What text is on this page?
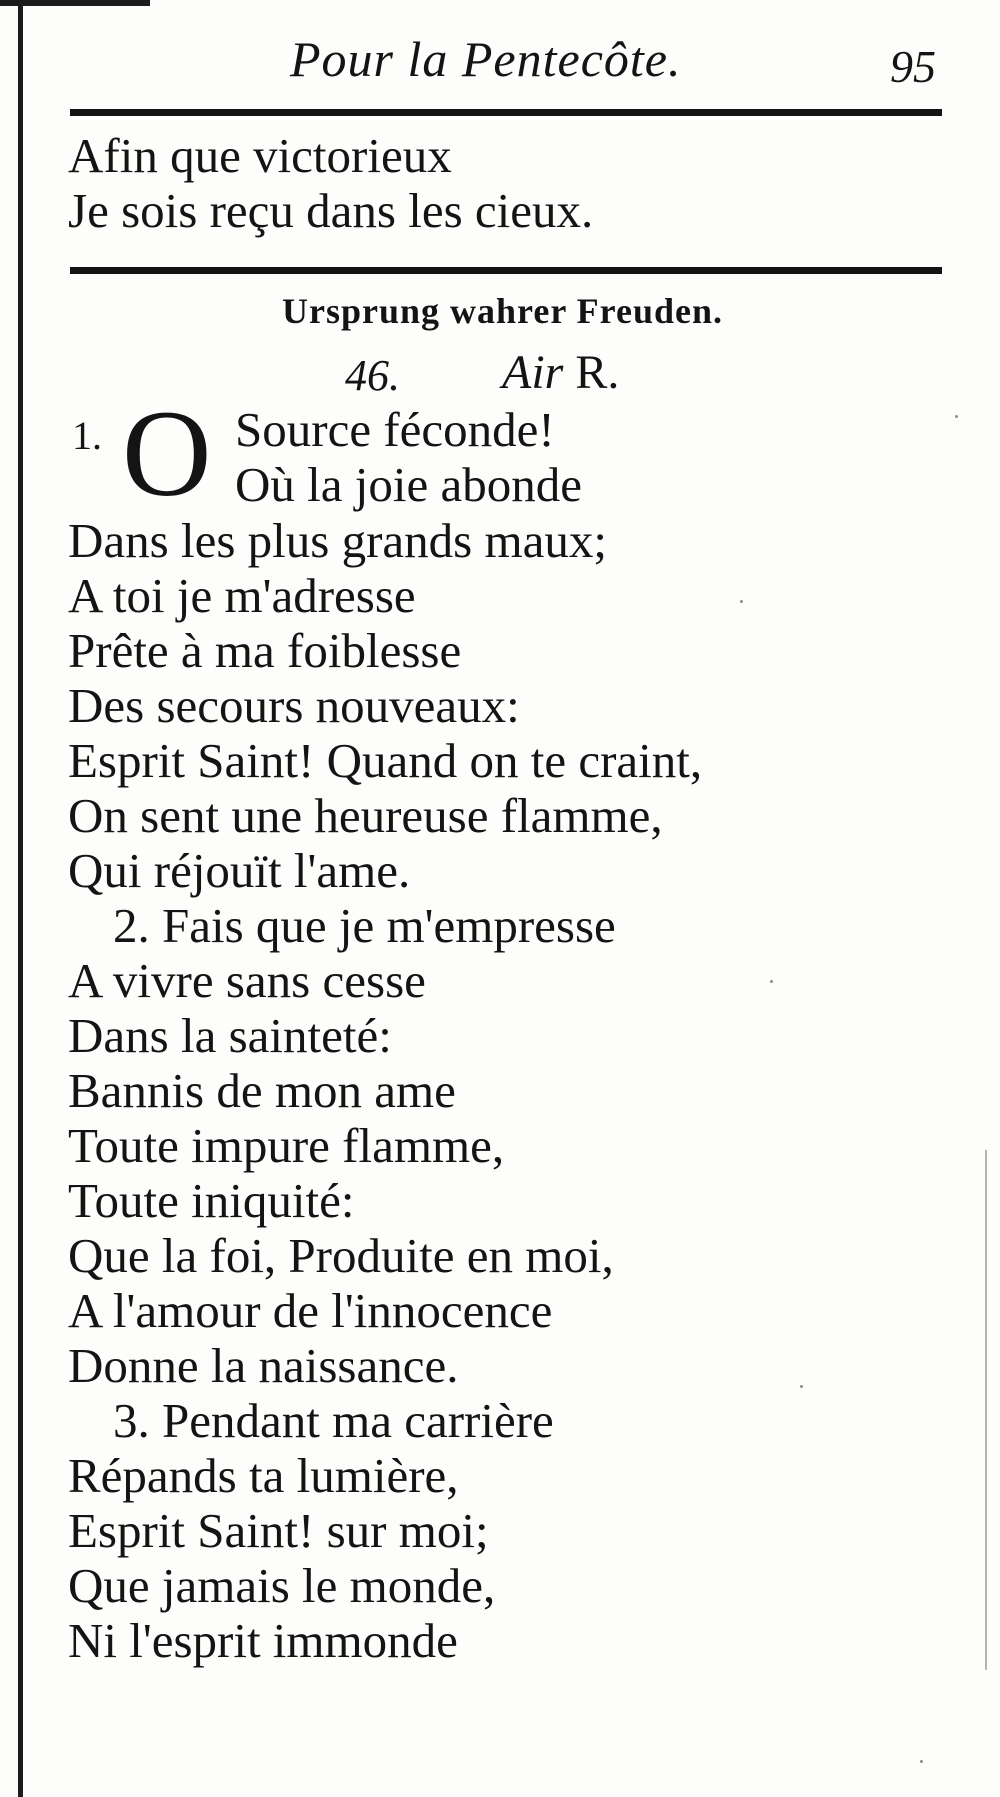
Pour la Pentecôte.	95
Afin que victorieux
Je sois reçu dans les cieux.
Ursprung wahrer Freuden.
46. Air R.
1. O Source féconde!
Où la joie abonde
Dans les plus grands maux;
A toi je m'adresse
Prête à ma foiblesse
Des secours nouveaux:
Esprit Saint! Quand on te craint,
On sent une heureuse flamme,
Qui réjouït l'ame.
2. Fais que je m'empresse
A vivre sans cesse
Dans la sainteté:
Bannis de mon ame
Toute impure flamme,
Toute iniquité:
Que la foi, Produite en moi,
A l'amour de l'innocence
Donne la naissance.
3. Pendant ma carrière
Répands ta lumière,
Esprit Saint! sur moi;
Que jamais le monde,
Ni l'esprit immonde
